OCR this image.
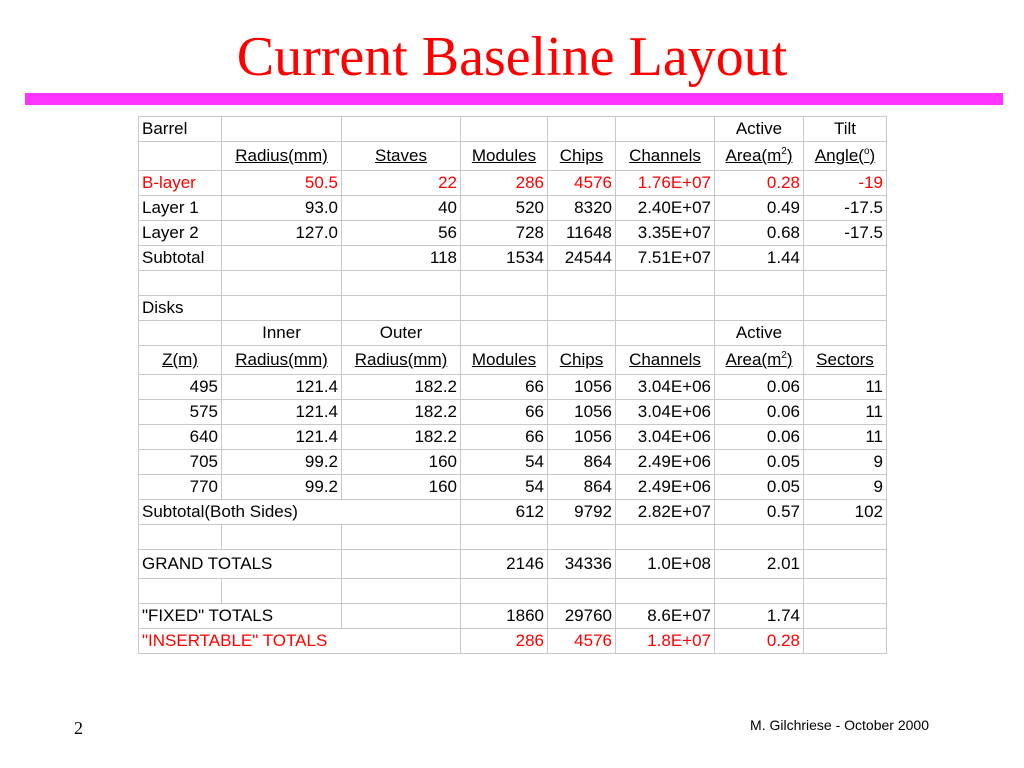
Current Baseline Layout
Barrel						Active	Tilt
	Radius(mm)	Staves	Modules	Chips	Channels	$Area(m^2)$	Angle($^o$)
B-layer	50.5	22	286	4576	1.76E+07	0.28	-19
Layer 1	93.0	40	520	8320	2.40E+07	0.49	-17.5
Layer 2	127.0	56	728	11648	3.35E+07	0.68	-17.5
Subtotal		118	1534	24544	7.51E+07	1.44	

Disks							
	Inner	Outer				Active	
Z(m)	Radius(mm)	Radius(mm)	Modules	Chips	Channels	$Area(m^2)$	Sectors
495	121.4	182.2	66	1056	3.04E+06	0.06	11
575	121.4	182.2	66	1056	3.04E+06	0.06	11
640	121.4	182.2	66	1056	3.04E+06	0.06	11
705	99.2	160	54	864	2.49E+06	0.05	9
770	99.2	160	54	864	2.49E+06	0.05	9
Subtotal(Both Sides)			612	9792	2.82E+07	0.57	102

GRAND TOTALS			2146	34336	1.0E+08	2.01	

"FIXED" TOTALS			1860	29760	8.6E+07	1.74	
"INSERTABLE" TOTALS			286	4576	1.8E+07	0.28	
2	M. Gilchriese - October 2000
